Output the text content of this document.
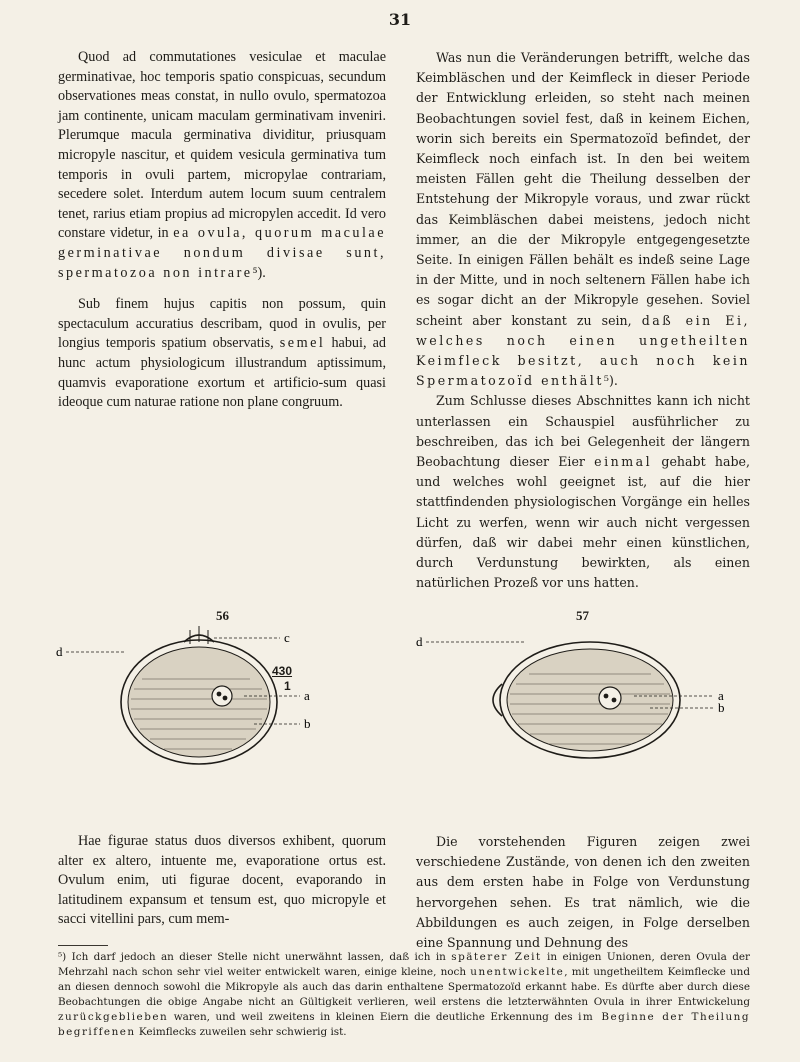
31

Quod ad commutationes vesiculae et maculae germinativae, hoc temporis spatio conspicuas, secundum observationes meas constat, in nullo ovulo, spermatozoa jam continente, unicam maculam germinativam inveniri. Plerumque macula germinativa dividitur, priusquam micropyle nascitur, et quidem vesicula germinativa tum temporis in ovuli partem, micropylae contrariam, secedere solet. Interdum autem locum suum centralem tenet, rarius etiam propius ad micropylen accedit. Id vero constare videtur, in ea ovula, quorum maculae germinativae nondum divisae sunt, spermatozoa non intrare⁵).

Sub finem hujus capitis non possum, quin spectaculum accuratius describam, quod in ovulis, per longius temporis spatium observatis, semel habui, ad hunc actum physiologicum illustrandum aptissimum, quamvis evaporatione exortum et artificio-sum quasi ideoque cum naturae ratione non plane congruum.

Was nun die Veränderungen betrifft, welche das Keimbläschen und der Keimfleck in dieser Periode der Entwicklung erleiden, so steht nach meinen Beobachtungen soviel fest, daß in keinem Eichen, worin sich bereits ein Spermatozoïd befindet, der Keimfleck noch einfach ist. In den bei weitem meisten Fällen geht die Theilung desselben der Entstehung der Mikropyle voraus, und zwar rückt das Keimbläschen dabei meistens, jedoch nicht immer, an die der Mikropyle entgegengesetzte Seite. In einigen Fällen behält es indeß seine Lage in der Mitte, und in noch seltenern Fällen habe ich es sogar dicht an der Mikropyle gesehen. Soviel scheint aber konstant zu sein, daß ein Ei, welches noch einen ungetheilten Keimfleck besitzt, auch noch kein Spermatozoïd enthält⁵).

Zum Schlusse dieses Abschnittes kann ich nicht unterlassen ein Schauspiel ausführlicher zu beschreiben, das ich bei Gelegenheit der längern Beobachtung dieser Eier einmal gehabt habe, und welches wohl geeignet ist, auf die hier stattfindenden physiologischen Vorgänge ein helles Licht zu werfen, wenn wir auch nicht vergessen dürfen, daß wir dabei mehr einen künstlichen, durch Verdunstung bewirkten, als einen natürlichen Prozeß vor uns hatten.

56	57
d
c
a
b
430
1
d
a
b
Hae figurae status duos diversos exhibent, quorum alter ex altero, intuente me, evaporatione ortus est. Ovulum enim, uti figurae docent, evaporando in latitudinem expansum et tensum est, quo micropyle et sacci vitellini pars, cum mem-
Die vorstehenden Figuren zeigen zwei verschiedene Zustände, von denen ich den zweiten aus dem ersten habe in Folge von Verdunstung hervorgehen sehen. Es trat nämlich, wie die Abbildungen es auch zeigen, in Folge derselben eine Spannung und Dehnung des

⁵) Ich darf jedoch an dieser Stelle nicht unerwähnt lassen, daß ich in späterer Zeit in einigen Unionen, deren Ovula der Mehrzahl nach schon sehr viel weiter entwickelt waren, einige kleine, noch unentwickelte, mit ungetheiltem Keimflecke und an diesen dennoch sowohl die Mikropyle als auch das darin enthaltene Spermatozoïd erkannt habe. Es dürfte aber durch diese Beobachtungen die obige Angabe nicht an Gültigkeit verlieren, weil erstens die letzterwähnten Ovula in ihrer Entwickelung zurückgeblieben waren, und weil zweitens in kleinen Eiern die deutliche Erkennung des im Beginne der Theilung begriffenen Keimflecks zuweilen sehr schwierig ist.
